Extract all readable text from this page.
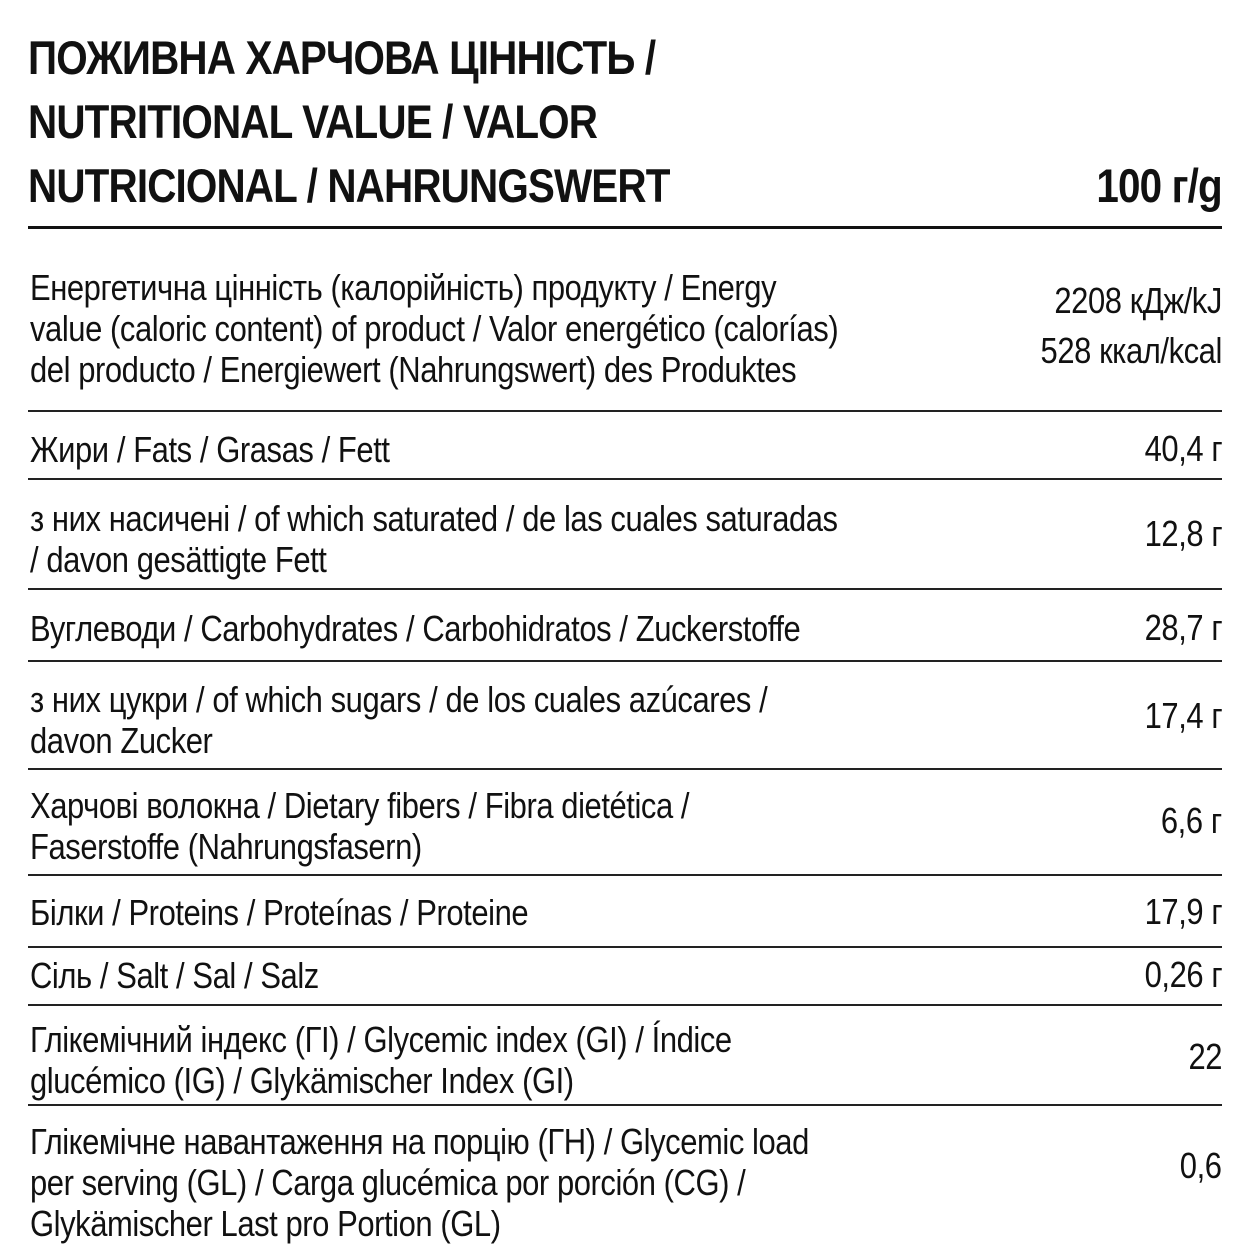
ПОЖИВНА ХАРЧОВА ЦІННІСТЬ /
NUTRITIONAL VALUE / VALOR
NUTRICIONAL / NAHRUNGSWERT	100 г/g
Енергетична цінність (калорійність) продукту / Energy
value (caloric content) of product / Valor energético (calorías)
del producto / Energiewert (Nahrungswert) des Produktes
2208 кДж/kJ
528 ккал/kcal
Жири / Fats / Grasas / Fett	40,4 г
з них насичені / of which saturated / de las cuales saturadas
/ davon gesättigte Fett
12,8 г
Вуглеводи / Carbohydrates / Carbohidratos / Zuckerstoffe	28,7 г
з них цукри / of which sugars / de los cuales azúcares /
davon Zucker
17,4 г
Харчові волокна / Dietary fibers / Fibra dietética /
Faserstoffe (Nahrungsfasern)
6,6 г
Білки / Proteins / Proteínas / Proteine	17,9 г
Сіль / Salt / Sal / Salz	0,26 г
Глікемічний індекс (ГІ) / Glycemic index (GI) / Índice
glucémico (IG) / Glykämischer Index (GI)
22
Глікемічне навантаження на порцію (ГН) / Glycemic load
per serving (GL) / Carga glucémica por porción (CG) /
Glykämischer Last pro Portion (GL)
0,6
